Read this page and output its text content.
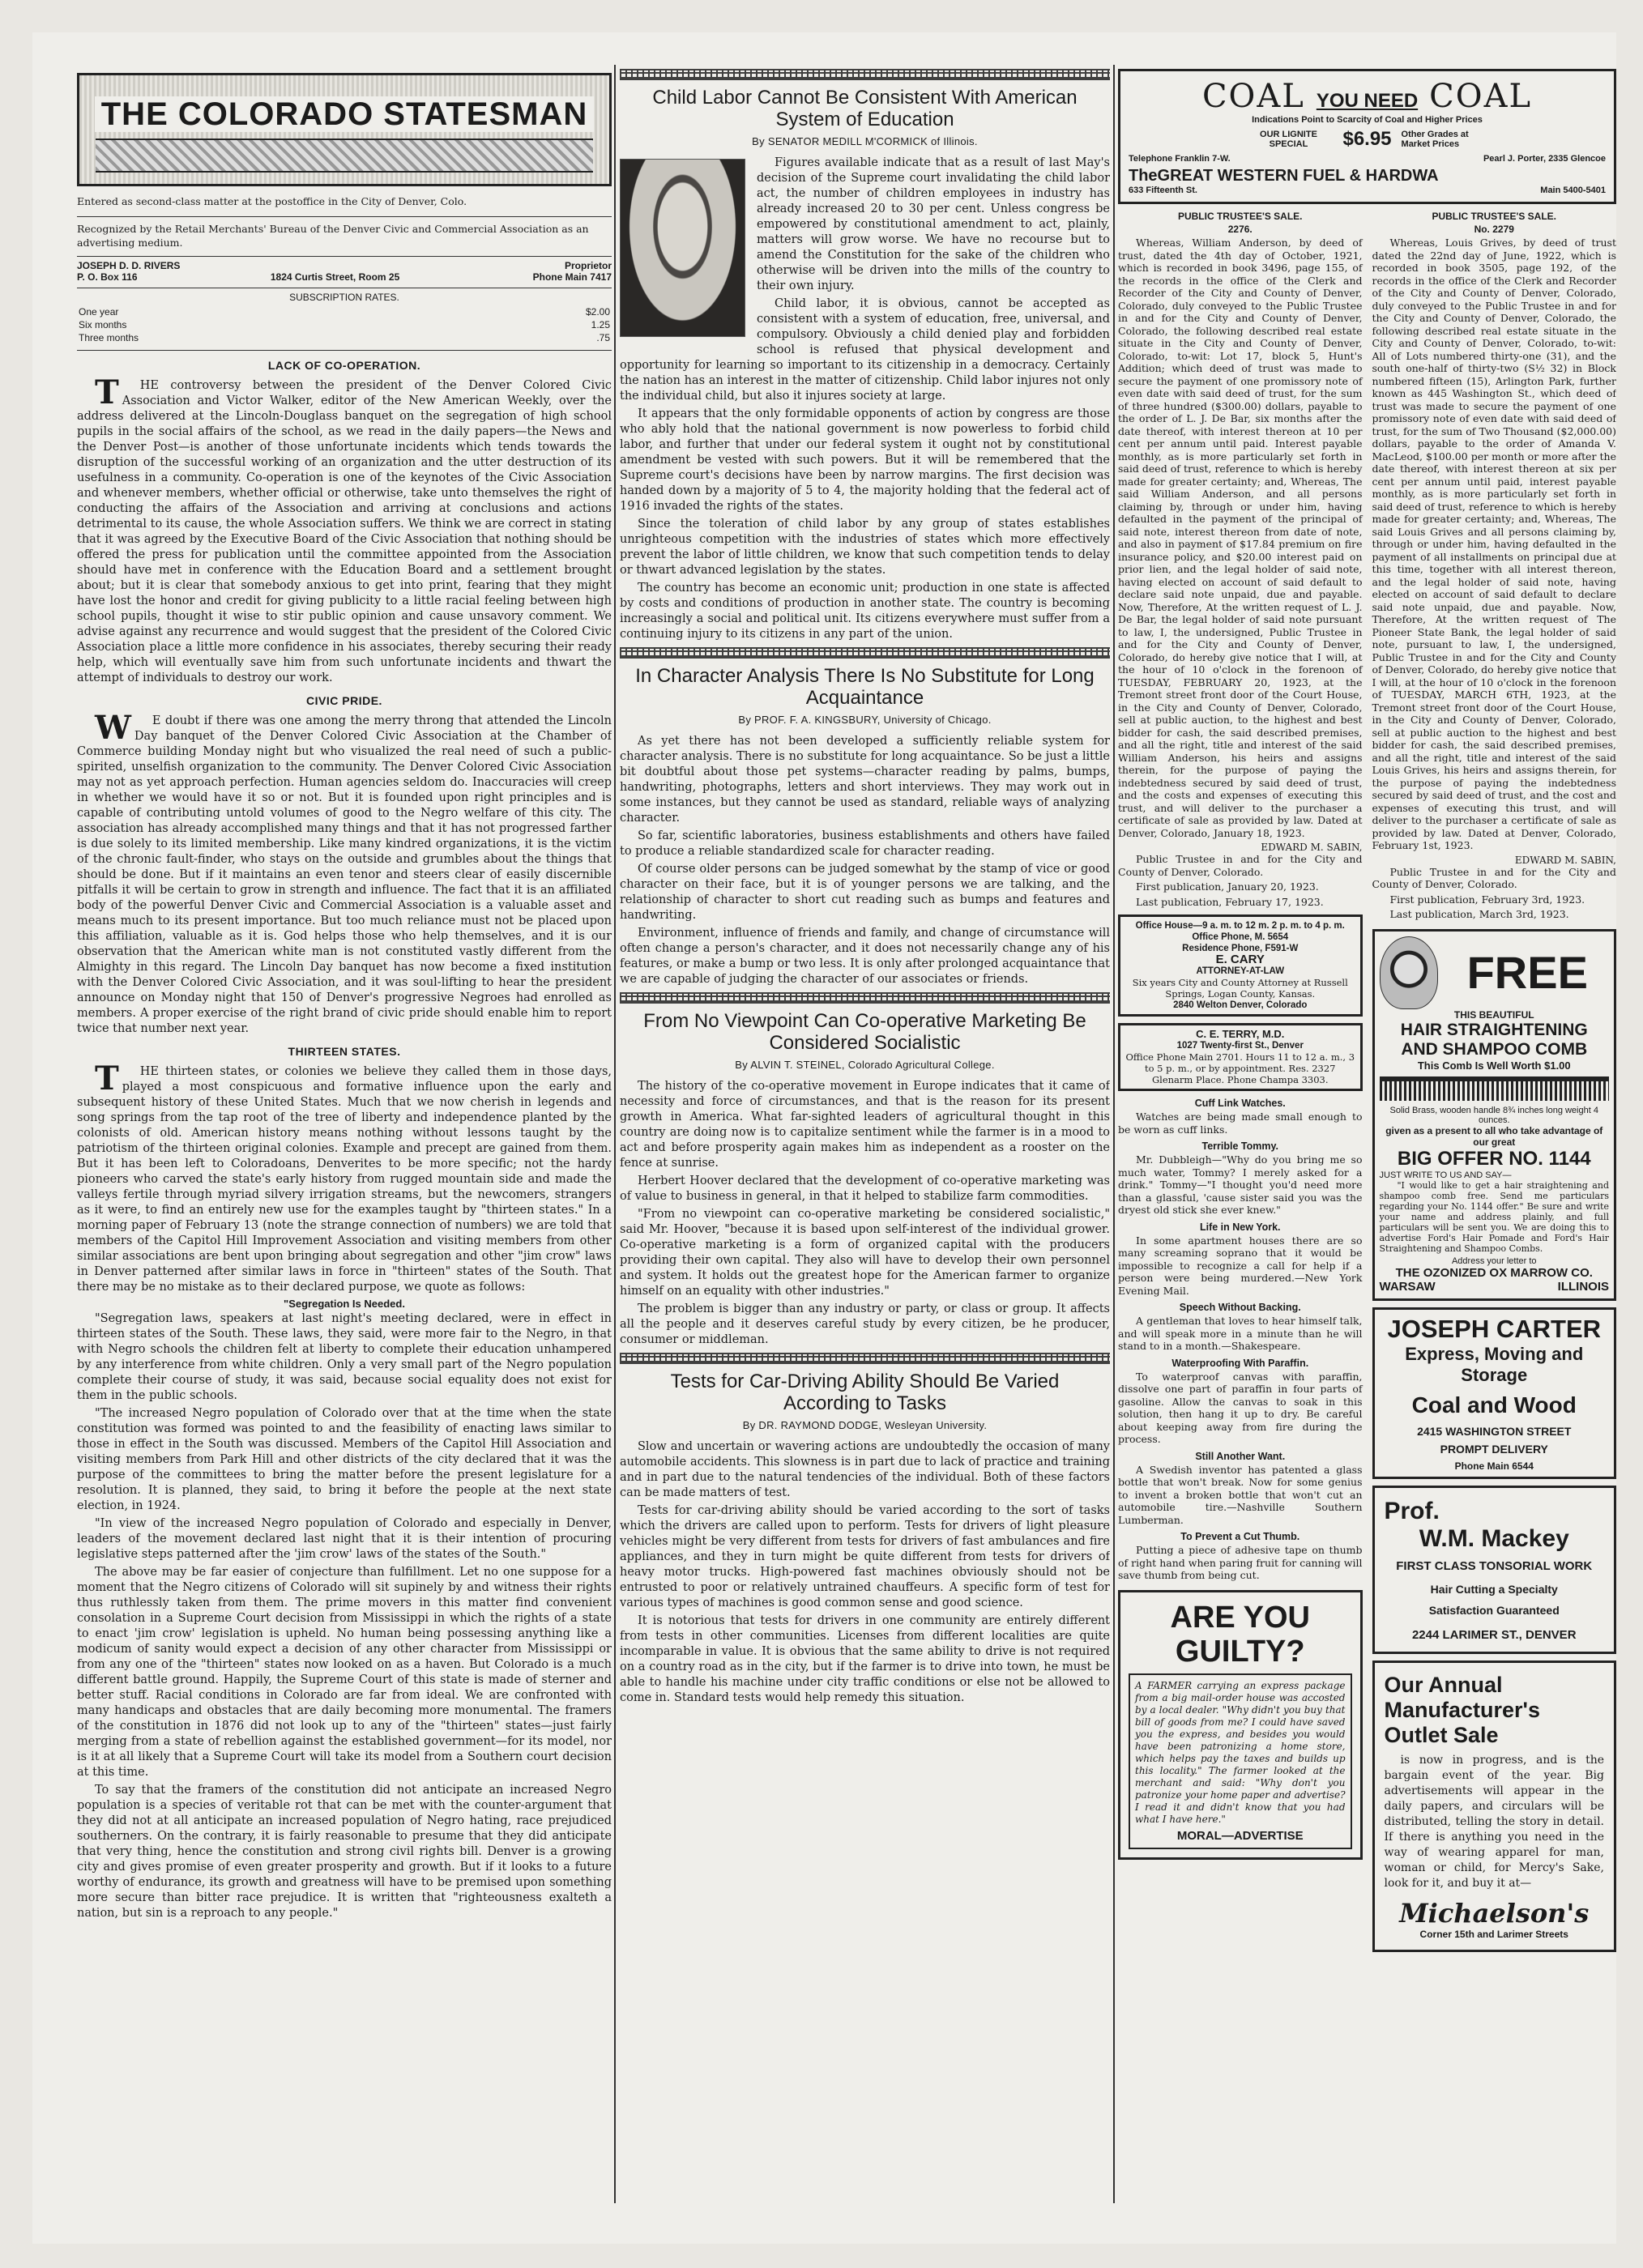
THE COLORADO STATESMAN
Entered as second-class matter at the postoffice in the City of Denver, Colo.
Recognized by the Retail Merchants' Bureau of the Denver Civic and Commercial Association as an advertising medium.
JOSEPH D. D. RIVERS	Proprietor
P. O. Box 116	1824 Curtis Street, Room 25	Phone Main 7417
SUBSCRIPTION RATES.
One year	$2.00
Six months	1.25
Three months	.75
LACK OF CO-OPERATION.

THE controversy between the president of the Denver Colored Civic Association and Victor Walker, editor of the New American Weekly, over the address delivered at the Lincoln-Douglass banquet on the segregation of high school pupils in the social affairs of the school, as we read in the daily papers—the News and the Denver Post—is another of those unfortunate incidents which tends towards the disruption of the successful working of an organization and the utter destruction of its usefulness in a community. Co-operation is one of the keynotes of the Civic Association and whenever members, whether official or otherwise, take unto themselves the right of conducting the affairs of the Association and arriving at conclusions and actions detrimental to its cause, the whole Association suffers. We think we are correct in stating that it was agreed by the Executive Board of the Civic Association that nothing should be offered the press for publication until the committee appointed from the Association should have met in conference with the Education Board and a settlement brought about; but it is clear that somebody anxious to get into print, fearing that they might have lost the honor and credit for giving publicity to a little racial feeling between high school pupils, thought it wise to stir public opinion and cause unsavory comment. We advise against any recurrence and would suggest that the president of the Colored Civic Association place a little more confidence in his associates, thereby securing their ready help, which will eventually save him from such unfortunate incidents and thwart the attempt of individuals to destroy our work.

CIVIC PRIDE.

WE doubt if there was one among the merry throng that attended the Lincoln Day banquet of the Denver Colored Civic Association at the Chamber of Commerce building Monday night but who visualized the real need of such a public-spirited, unselfish organization to the community. The Denver Colored Civic Association may not as yet approach perfection. Human agencies seldom do. Inaccuracies will creep in whether we would have it so or not. But it is founded upon right principles and is capable of contributing untold volumes of good to the Negro welfare of this city. The association has already accomplished many things and that it has not progressed farther is due solely to its limited membership. Like many kindred organizations, it is the victim of the chronic fault-finder, who stays on the outside and grumbles about the things that should be done. But if it maintains an even tenor and steers clear of easily discernible pitfalls it will be certain to grow in strength and influence. The fact that it is an affiliated body of the powerful Denver Civic and Commercial Association is a valuable asset and means much to its present importance. But too much reliance must not be placed upon this affiliation, valuable as it is. God helps those who help themselves, and it is our observation that the American white man is not constituted vastly different from the Almighty in this regard. The Lincoln Day banquet has now become a fixed institution with the Denver Colored Civic Association, and it was soul-lifting to hear the president announce on Monday night that 150 of Denver's progressive Negroes had enrolled as members. A proper exercise of the right brand of civic pride should enable him to report twice that number next year.

THIRTEEN STATES.

THE thirteen states, or colonies we believe they called them in those days, played a most conspicuous and formative influence upon the early and subsequent history of these United States. Much that we now cherish in legends and song springs from the tap root of the tree of liberty and independence planted by the colonists of old. American history means nothing without lessons taught by the patriotism of the thirteen original colonies. Example and precept are gained from them. But it has been left to Coloradoans, Denverites to be more specific; not the hardy pioneers who carved the state's early history from rugged mountain side and made the valleys fertile through myriad silvery irrigation streams, but the newcomers, strangers as it were, to find an entirely new use for the examples taught by "thirteen states." In a morning paper of February 13 (note the strange connection of numbers) we are told that members of the Capitol Hill Improvement Association and visiting members from other similar associations are bent upon bringing about segregation and other "jim crow" laws in Denver patterned after similar laws in force in "thirteen" states of the South. That there may be no mistake as to their declared purpose, we quote as follows:

"Segregation Is Needed.

"Segregation laws, speakers at last night's meeting declared, were in effect in thirteen states of the South. These laws, they said, were more fair to the Negro, in that with Negro schools the children felt at liberty to complete their education unhampered by any interference from white children. Only a very small part of the Negro population complete their course of study, it was said, because social equality does not exist for them in the public schools.

"The increased Negro population of Colorado over that at the time when the state constitution was formed was pointed to and the feasibility of enacting laws similar to those in effect in the South was discussed. Members of the Capitol Hill Association and visiting members from Park Hill and other districts of the city declared that it was the purpose of the committees to bring the matter before the present legislature for a resolution. It is planned, they said, to bring it before the people at the next state election, in 1924.

"In view of the increased Negro population of Colorado and especially in Denver, leaders of the movement declared last night that it is their intention of procuring legislative steps patterned after the 'jim crow' laws of the states of the South."

The above may be far easier of conjecture than fulfillment. Let no one suppose for a moment that the Negro citizens of Colorado will sit supinely by and witness their rights thus ruthlessly taken from them. The prime movers in this matter find convenient consolation in a Supreme Court decision from Mississippi in which the rights of a state to enact 'jim crow' legislation is upheld. No human being possessing anything like a modicum of sanity would expect a decision of any other character from Mississippi or from any one of the "thirteen" states now looked on as a haven. But Colorado is a much different battle ground. Happily, the Supreme Court of this state is made of sterner and better stuff. Racial conditions in Colorado are far from ideal. We are confronted with many handicaps and obstacles that are daily becoming more monumental. The framers of the constitution in 1876 did not look up to any of the "thirteen" states—just fairly merging from a state of rebellion against the established government—for its model, nor is it at all likely that a Supreme Court will take its model from a Southern court decision at this time.

To say that the framers of the constitution did not anticipate an increased Negro population is a species of veritable rot that can be met with the counter-argument that they did not at all anticipate an increased population of Negro hating, race prejudiced southerners. On the contrary, it is fairly reasonable to presume that they did anticipate that very thing, hence the constitution and strong civil rights bill. Denver is a growing city and gives promise of even greater prosperity and growth. But if it looks to a future worthy of endurance, its growth and greatness will have to be premised upon something more secure than bitter race prejudice. It is written that "righteousness exalteth a nation, but sin is a reproach to any people."

Child Labor Cannot Be Consistent With American System of Education
By SENATOR MEDILL M'CORMICK of Illinois.

Figures available indicate that as a result of last May's decision of the Supreme court invalidating the child labor act, the number of children employees in industry has already increased 20 to 30 per cent. Unless congress be empowered by constitutional amendment to act, plainly, matters will grow worse. We have no recourse but to amend the Constitution for the sake of the children who otherwise will be driven into the mills of the country to their own injury.

Child labor, it is obvious, cannot be accepted as consistent with a system of education, free, universal, and compulsory. Obviously a child denied play and forbidden school is refused that physical development and opportunity for learning so important to its citizenship in a democracy. Certainly the nation has an interest in the matter of citizenship. Child labor injures not only the individual child, but also it injures society at large.

It appears that the only formidable opponents of action by congress are those who ably hold that the national government is now powerless to forbid child labor, and further that under our federal system it ought not by constitutional amendment be vested with such powers. But it will be remembered that the Supreme court's decisions have been by narrow margins. The first decision was handed down by a majority of 5 to 4, the majority holding that the federal act of 1916 invaded the rights of the states.

Since the toleration of child labor by any group of states establishes unrighteous competition with the industries of states which more effectively prevent the labor of little children, we know that such competition tends to delay or thwart advanced legislation by the states.

The country has become an economic unit; production in one state is affected by costs and conditions of production in another state. The country is becoming increasingly a social and political unit. Its citizens everywhere must suffer from a continuing injury to its citizens in any part of the union.

In Character Analysis There Is No Substitute for Long Acquaintance
By PROF. F. A. KINGSBURY, University of Chicago.

As yet there has not been developed a sufficiently reliable system for character analysis. There is no substitute for long acquaintance. So be just a little bit doubtful about those pet systems—character reading by palms, bumps, handwriting, photographs, letters and short interviews. They may work out in some instances, but they cannot be used as standard, reliable ways of analyzing character.

So far, scientific laboratories, business establishments and others have failed to produce a reliable standardized scale for character reading.

Of course older persons can be judged somewhat by the stamp of vice or good character on their face, but it is of younger persons we are talking, and the relationship of character to short cut reading such as bumps and features and handwriting.

Environment, influence of friends and family, and change of circumstance will often change a person's character, and it does not necessarily change any of his features, or make a bump or two less. It is only after prolonged acquaintance that we are capable of judging the character of our associates or friends.

From No Viewpoint Can Co-operative Marketing Be Considered Socialistic
By ALVIN T. STEINEL, Colorado Agricultural College.

The history of the co-operative movement in Europe indicates that it came of necessity and force of circumstances, and that is the reason for its present growth in America. What far-sighted leaders of agricultural thought in this country are doing now is to capitalize sentiment while the farmer is in a mood to act and before prosperity again makes him as independent as a rooster on the fence at sunrise.

Herbert Hoover declared that the development of co-operative marketing was of value to business in general, in that it helped to stabilize farm commodities.

"From no viewpoint can co-operative marketing be considered socialistic," said Mr. Hoover, "because it is based upon self-interest of the individual grower. Co-operative marketing is a form of organized capital with the producers providing their own capital. They also will have to develop their own personnel and system. It holds out the greatest hope for the American farmer to organize himself on an equality with other industries."

The problem is bigger than any industry or party, or class or group. It affects all the people and it deserves careful study by every citizen, be he producer, consumer or middleman.

Tests for Car-Driving Ability Should Be Varied According to Tasks
By DR. RAYMOND DODGE, Wesleyan University.

Slow and uncertain or wavering actions are undoubtedly the occasion of many automobile accidents. This slowness is in part due to lack of practice and training and in part due to the natural tendencies of the individual. Both of these factors can be made matters of test.

Tests for car-driving ability should be varied according to the sort of tasks which the drivers are called upon to perform. Tests for drivers of light pleasure vehicles might be very different from tests for drivers of fast ambulances and fire appliances, and they in turn might be quite different from tests for drivers of heavy motor trucks. High-powered fast machines obviously should not be entrusted to poor or relatively untrained chauffeurs. A specific form of test for various types of machines is good common sense and good science.

It is notorious that tests for drivers in one community are entirely different from tests in other communities. Licenses from different localities are quite incomparable in value. It is obvious that the same ability to drive is not required on a country road as in the city, but if the farmer is to drive into town, he must be able to handle his machine under city traffic conditions or else not be allowed to come in. Standard tests would help remedy this situation.

COAL YOU NEED COAL
Indications Point to Scarcity of Coal and Higher Prices
OUR LIGNITE SPECIAL	$6.95 Other Grades at Market Prices
Telephone Franklin 7-W.	Pearl J. Porter, 2335 Glencoe
TheGREAT WESTERN FUEL & HARDWA
633 Fifteenth St.	Main 5400-5401
PUBLIC TRUSTEE'S SALE.
2276.

Whereas, William Anderson, by deed of trust, dated the 4th day of October, 1921, which is recorded in book 3496, page 155, of the records in the office of the Clerk and Recorder of the City and County of Denver, Colorado, duly conveyed to the Public Trustee in and for the City and County of Denver, Colorado, the following described real estate situate in the City and County of Denver, Colorado, to-wit: Lot 17, block 5, Hunt's Addition; which deed of trust was made to secure the payment of one promissory note of even date with said deed of trust, for the sum of three hundred ($300.00) dollars, payable to the order of L. J. De Bar, six months after the date thereof, with interest thereon at 10 per cent per annum until paid. Interest payable monthly, as is more particularly set forth in said deed of trust, reference to which is hereby made for greater certainty; and, Whereas, The said William Anderson, and all persons claiming by, through or under him, having defaulted in the payment of the principal of said note, interest thereon from date of note, and also in payment of $17.84 premium on fire insurance policy, and $20.00 interest paid on prior lien, and the legal holder of said note, having elected on account of said default to declare said note unpaid, due and payable. Now, Therefore, At the written request of L. J. De Bar, the legal holder of said note pursuant to law, I, the undersigned, Public Trustee in and for the City and County of Denver, Colorado, do hereby give notice that I will, at the hour of 10 o'clock in the forenoon of TUESDAY, FEBRUARY 20, 1923, at the Tremont street front door of the Court House, in the City and County of Denver, Colorado, sell at public auction, to the highest and best bidder for cash, the said described premises, and all the right, title and interest of the said William Anderson, his heirs and assigns therein, for the purpose of paying the indebtedness secured by said deed of trust, and the costs and expenses of executing this trust, and will deliver to the purchaser a certificate of sale as provided by law. Dated at Denver, Colorado, January 18, 1923.

EDWARD M. SABIN,

Public Trustee in and for the City and County of Denver, Colorado.

First publication, January 20, 1923.

Last publication, February 17, 1923.

Office House—9 a. m. to 12 m. 2 p. m. to 4 p. m.
Office Phone, M. 5654
Residence Phone, F591-W
E. CARY
ATTORNEY-AT-LAW
Six years City and County Attorney at Russell Springs, Logan County, Kansas.
2840 Welton Denver, Colorado
C. E. TERRY, M.D.
1027 Twenty-first St., Denver
Office Phone Main 2701. Hours 11 to 12 a. m., 3 to 5 p. m., or by appointment. Res. 2327 Glenarm Place. Phone Champa 3303.
Cuff Link Watches.

Watches are being made small enough to be worn as cuff links.

Terrible Tommy.

Mr. Dubbleigh—"Why do you bring me so much water, Tommy? I merely asked for a drink." Tommy—"I thought you'd need more than a glassful, 'cause sister said you was the dryest old stick she ever knew."

Life in New York.

In some apartment houses there are so many screaming soprano that it would be impossible to recognize a call for help if a person were being murdered.—New York Evening Mail.

Speech Without Backing.

A gentleman that loves to hear himself talk, and will speak more in a minute than he will stand to in a month.—Shakespeare.

Waterproofing With Paraffin.

To waterproof canvas with paraffin, dissolve one part of paraffin in four parts of gasoline. Allow the canvas to soak in this solution, then hang it up to dry. Be careful about keeping away from fire during the process.

Still Another Want.

A Swedish inventor has patented a glass bottle that won't break. Now for some genius to invent a broken bottle that won't cut an automobile tire.—Nashville Southern Lumberman.

To Prevent a Cut Thumb.

Putting a piece of adhesive tape on thumb of right hand when paring fruit for canning will save thumb from being cut.

ARE YOU GUILTY?

A FARMER carrying an express package from a big mail-order house was accosted by a local dealer. "Why didn't you buy that bill of goods from me? I could have saved you the express, and besides you would have been patronizing a home store, which helps pay the taxes and builds up this locality." The farmer looked at the merchant and said: "Why don't you patronize your home paper and advertise? I read it and didn't know that you had what I have here."

MORAL—ADVERTISE
PUBLIC TRUSTEE'S SALE.
No. 2279

Whereas, Louis Grives, by deed of trust dated the 22nd day of June, 1922, which is recorded in book 3505, page 192, of the records in the office of the Clerk and Recorder of the City and County of Denver, Colorado, duly conveyed to the Public Trustee in and for the City and County of Denver, Colorado, the following described real estate situate in the City and County of Denver, Colorado, to-wit: All of Lots numbered thirty-one (31), and the south one-half of thirty-two (S½ 32) in Block numbered fifteen (15), Arlington Park, further known as 445 Washington St., which deed of trust was made to secure the payment of one promissory note of even date with said deed of trust, for the sum of Two Thousand ($2,000.00) dollars, payable to the order of Amanda V. MacLeod, $100.00 per month or more after the date thereof, with interest thereon at six per cent per annum until paid, interest payable monthly, as is more particularly set forth in said deed of trust, reference to which is hereby made for greater certainty; and, Whereas, The said Louis Grives and all persons claiming by, through or under him, having defaulted in the payment of all installments on principal due at this time, together with all interest thereon, and the legal holder of said note, having elected on account of said default to declare said note unpaid, due and payable. Now, Therefore, At the written request of The Pioneer State Bank, the legal holder of said note, pursuant to law, I, the undersigned, Public Trustee in and for the City and County of Denver, Colorado, do hereby give notice that I will, at the hour of 10 o'clock in the forenoon of TUESDAY, MARCH 6TH, 1923, at the Tremont street front door of the Court House, in the City and County of Denver, Colorado, sell at public auction to the highest and best bidder for cash, the said described premises, and all the right, title and interest of the said Louis Grives, his heirs and assigns therein, for the purpose of paying the indebtedness secured by said deed of trust, and the cost and expenses of executing this trust, and will deliver to the purchaser a certificate of sale as provided by law. Dated at Denver, Colorado, February 1st, 1923.

EDWARD M. SABIN,

Public Trustee in and for the City and County of Denver, Colorado.

First publication, February 3rd, 1923.

Last publication, March 3rd, 1923.

FREE
THIS BEAUTIFUL
HAIR STRAIGHTENING
AND SHAMPOO COMB
This Comb Is Well Worth $1.00
Solid Brass, wooden handle 8¾ inches long weight 4 ounces.
given as a present to all who take advantage of our great
BIG OFFER NO. 1144
JUST WRITE TO US AND SAY—

"I would like to get a hair straightening and shampoo comb free. Send me particulars regarding your No. 1144 offer." Be sure and write your name and address plainly, and full particulars will be sent you. We are doing this to advertise Ford's Hair Pomade and Ford's Hair Straightening and Shampoo Combs.

Address your letter to
THE OZONIZED OX MARROW CO.
WARSAW	ILLINOIS
JOSEPH CARTER
Express, Moving and Storage
Coal and Wood
2415 WASHINGTON STREET
PROMPT DELIVERY
Phone Main 6544
Prof.
W.M. Mackey
FIRST CLASS TONSORIAL WORK
Hair Cutting a Specialty
Satisfaction Guaranteed
2244 LARIMER ST., DENVER
Our Annual Manufacturer's Outlet Sale

is now in progress, and is the bargain event of the year. Big advertisements will appear in the daily papers, and circulars will be distributed, telling the story in detail. If there is anything you need in the way of wearing apparel for man, woman or child, for Mercy's Sake, look for it, and buy it at—

Michaelson's
Corner 15th and Larimer Streets
